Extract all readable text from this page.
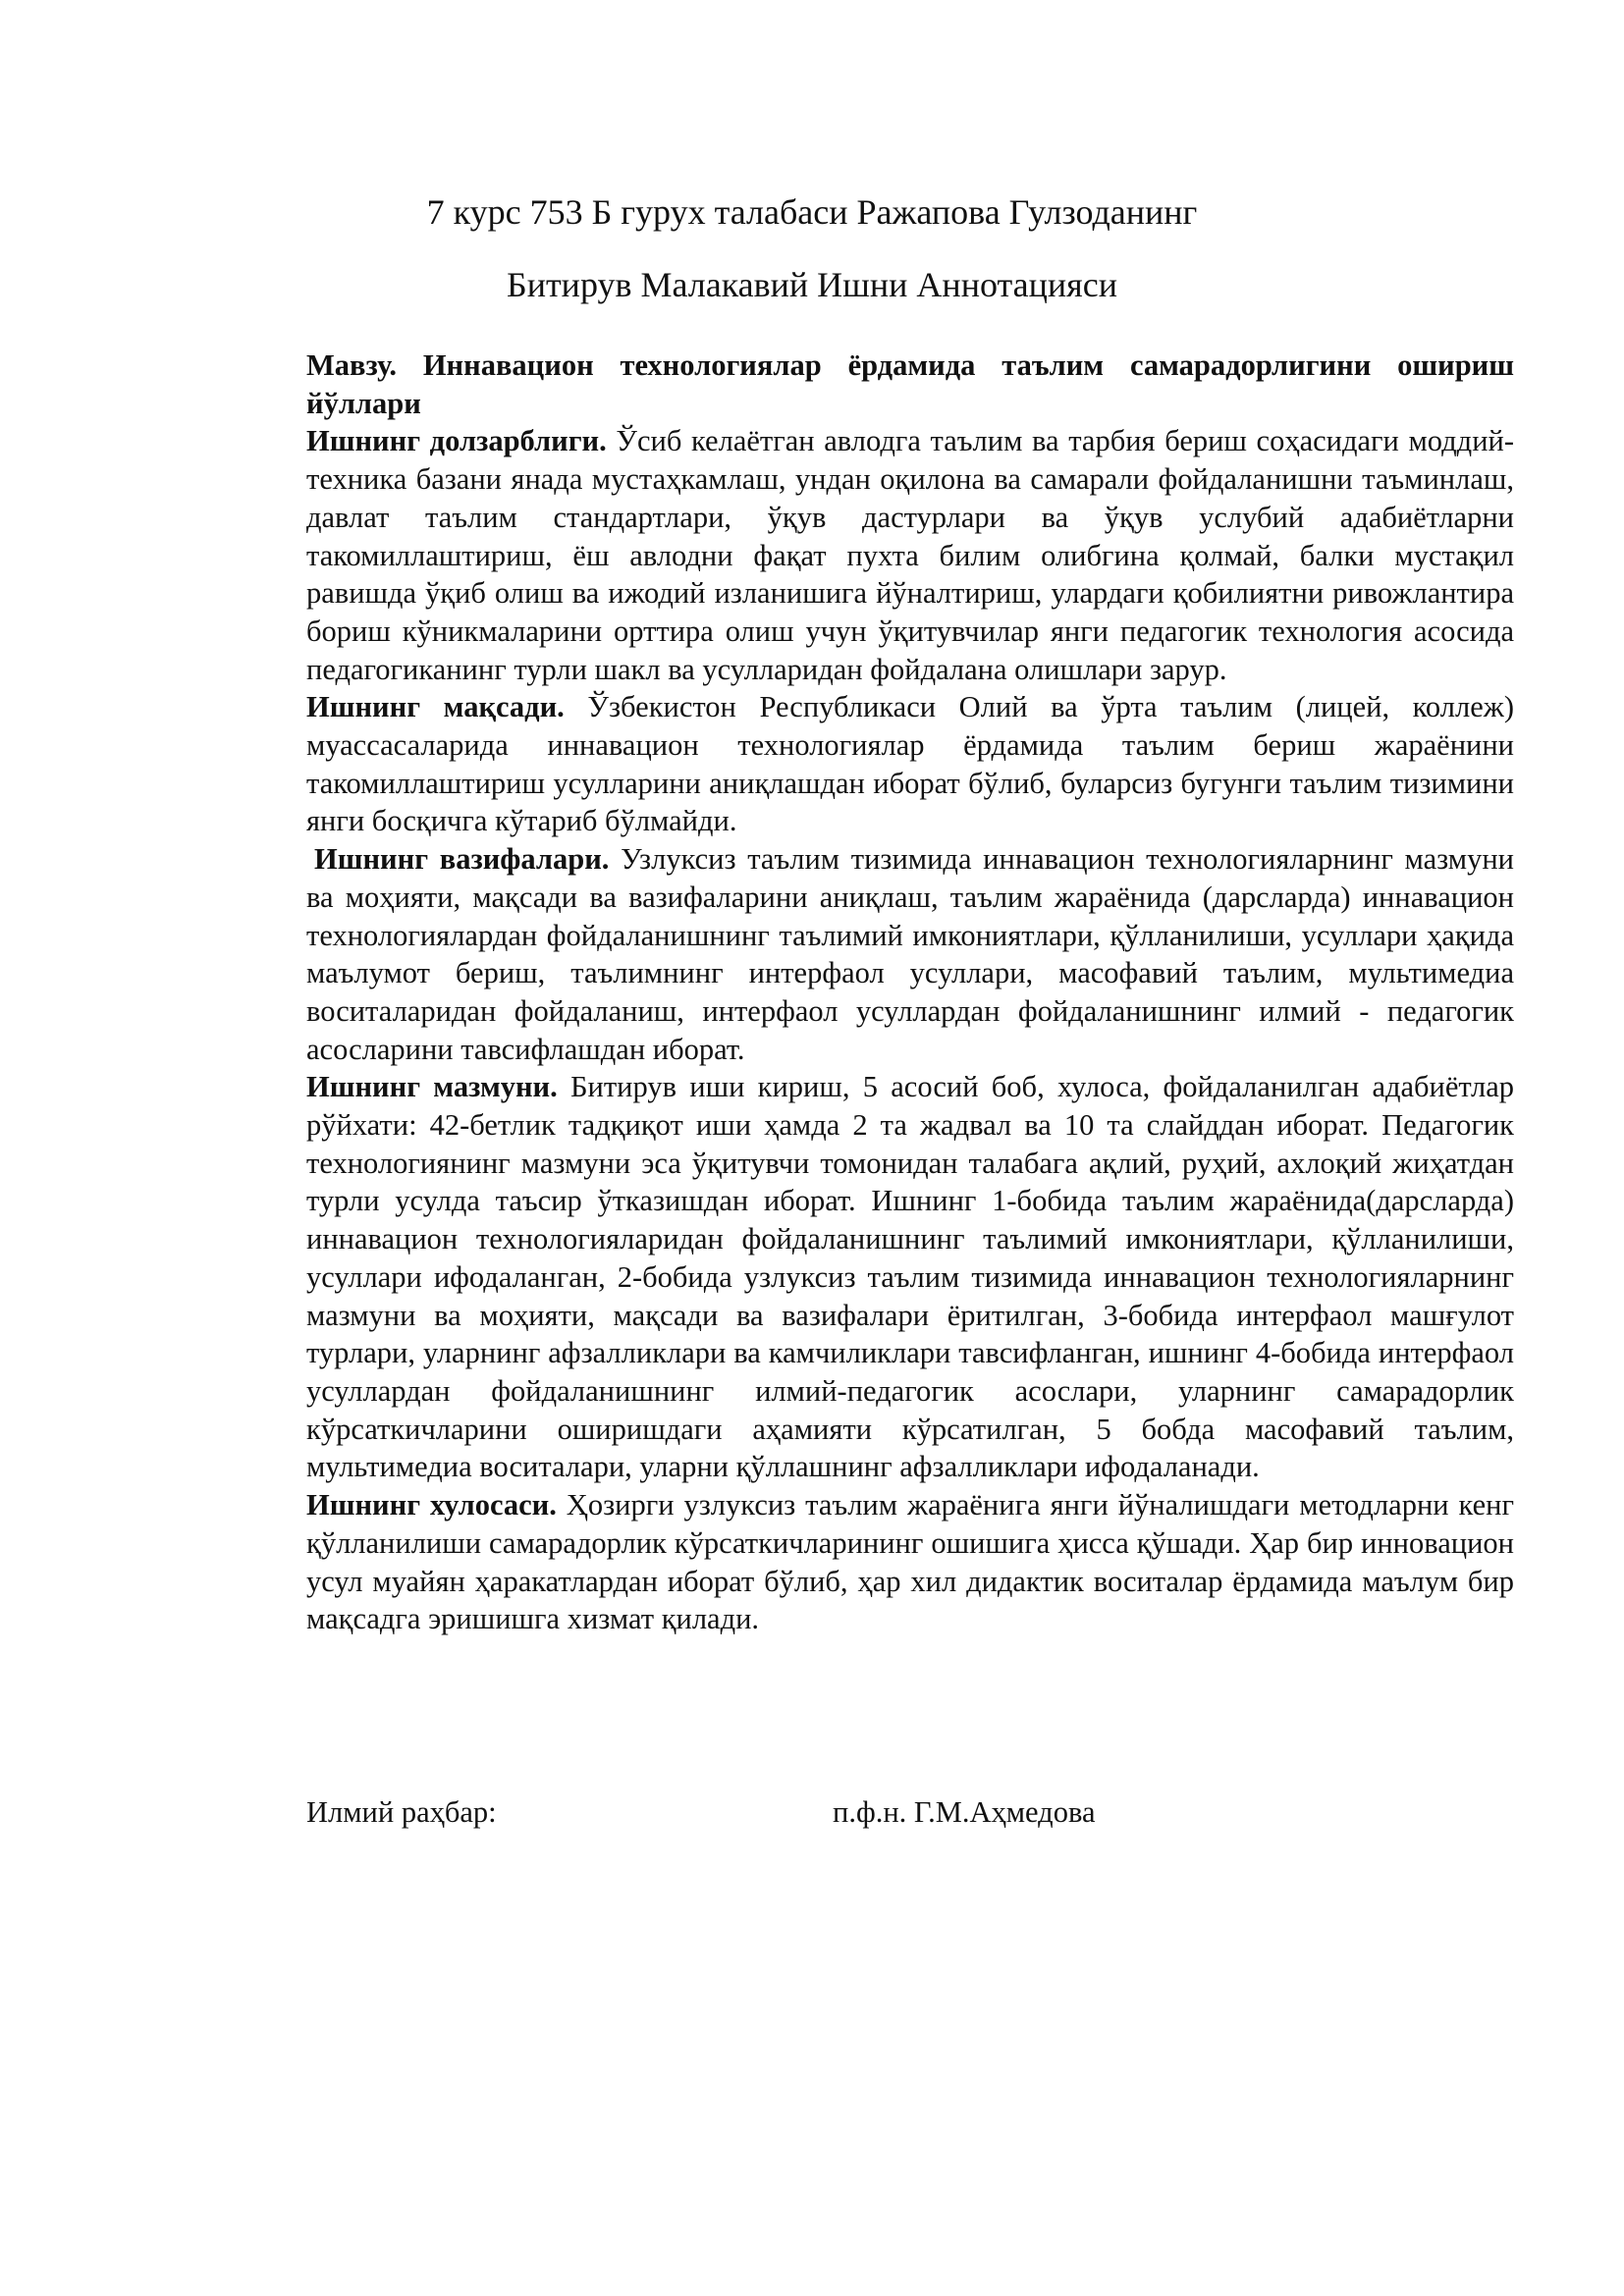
7 курс 753 Б гурух талабаси Ражапова Гулзоданинг

Битирув Малакавий Ишни Аннотацияси

Мавзу. Иннавацион технологиялар ёрдамида таълим самарадорлигини ошириш йўллари

Ишнинг долзарблиги. Ўсиб келаётган авлодга таълим ва тарбия бериш соҳасидаги моддий-техника базани янада мустаҳкамлаш, ундан оқилона ва самарали фойдаланишни таъминлаш, давлат таълим стандартлари, ўқув дастурлари ва ўқув услубий адабиётларни такомиллаштириш, ёш авлодни фақат пухта билим олибгина қолмай, балки мустақил равишда ўқиб олиш ва ижодий изланишига йўналтириш, улардаги қобилиятни ривожлантира бориш кўникмаларини орттира олиш учун ўқитувчилар янги педагогик технология асосида педагогиканинг турли шакл ва усулларидан фойдалана олишлари зарур.

Ишнинг мақсади. Ўзбекистон Республикаси Олий ва ўрта таълим (лицей, коллеж) муассасаларида иннавацион технологиялар ёрдамида таълим бериш жараёнини такомиллаштириш усулларини аниқлашдан иборат бўлиб, буларсиз бугунги таълим тизимини янги босқичга кўтариб бўлмайди.

Ишнинг вазифалари. Узлуксиз таълим тизимида иннавацион технологияларнинг мазмуни ва моҳияти, мақсади ва вазифаларини аниқлаш, таълим жараёнида (дарсларда) иннавацион технологиялардан фойдаланишнинг таълимий имкониятлари, қўлланилиши, усуллари ҳақида маълумот бериш, таълимнинг интерфаол усуллари, масофавий таълим, мультимедиа воситаларидан фойдаланиш, интерфаол усуллардан фойдаланишнинг илмий - педагогик асосларини тавсифлашдан иборат.

Ишнинг мазмуни. Битирув иши кириш, 5 асосий боб, хулоса, фойдаланилган адабиётлар рўйхати: 42-бетлик тадқиқот иши ҳамда 2 та жадвал ва 10 та слайддан иборат. Педагогик технологиянинг мазмуни эса ўқитувчи томонидан талабага ақлий, руҳий, ахлоқий жиҳатдан турли усулда таъсир ўтказишдан иборат. Ишнинг 1-бобида таълим жараёнида(дарсларда) иннавацион технологияларидан фойдаланишнинг таълимий имкониятлари, қўлланилиши, усуллари ифодаланган, 2-бобида узлуксиз таълим тизимида иннавацион технологияларнинг мазмуни ва моҳияти, мақсади ва вазифалари ёритилган, 3-бобида интерфаол машғулот турлари, уларнинг афзалликлари ва камчиликлари тавсифланган, ишнинг 4-бобида интерфаол усуллардан фойдаланишнинг илмий-педагогик асослари, уларнинг самарадорлик кўрсаткичларини оширишдаги аҳамияти кўрсатилган, 5 бобда масофавий таълим, мультимедиа воситалари, уларни қўллашнинг афзалликлари ифодаланади.

Ишнинг хулосаси. Ҳозирги узлуксиз таълим жараёнига янги йўналишдаги методларни кенг қўлланилиши самарадорлик кўрсаткичларининг ошишига ҳисса қўшади. Ҳар бир инновацион усул муайян ҳаракатлардан иборат бўлиб, ҳар хил дидактик воситалар ёрдамида маълум бир мақсадга эришишга хизмат қилади.

Илмий раҳбар:	п.ф.н. Г.М.Аҳмедова
